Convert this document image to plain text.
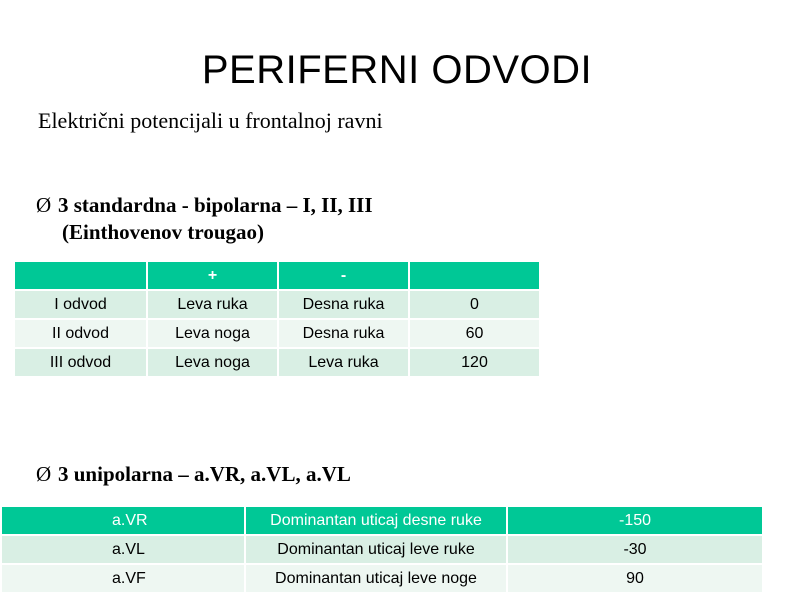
PERIFERNI ODVODI
Električni potencijali u frontalnoj ravni
Ø 3 standardna - bipolarna – I, II, III
(Einthovenov trougao)
	+	-	
I odvod	Leva ruka	Desna ruka	0
II odvod	Leva noga	Desna ruka	60
III odvod	Leva noga	Leva ruka	120
Ø 3 unipolarna – a.VR, a.VL, a.VL
a.VR	Dominantan uticaj desne ruke	-150
a.VL	Dominantan uticaj leve ruke	-30
a.VF	Dominantan uticaj leve noge	90
